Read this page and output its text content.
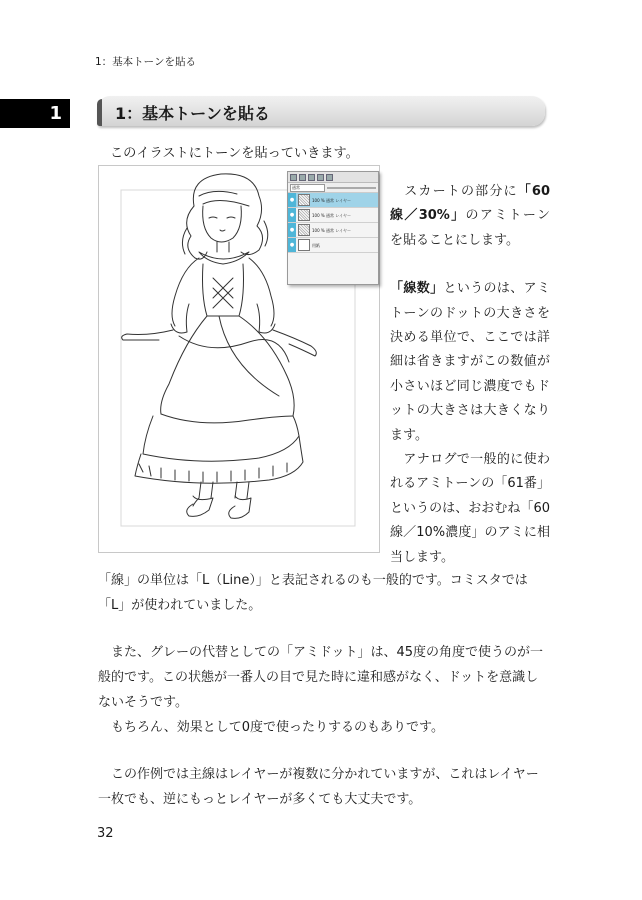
1：基本トーンを貼る
1	1：基本トーンを貼る
このイラストにトーンを貼っていきます。
通常
●	100 % 通常 レイヤー
●	100 % 通常 レイヤー
●	100 % 通常 レイヤー
●	用紙

スカートの部分に「60線／30%」のアミトーンを貼ることにします。

「線数」というのは、アミトーンのドットの大きさを決める単位で、ここでは詳細は省きますがこの数値が小さいほど同じ濃度でもドットの大きさは大きくなります。

アナログで一般的に使われるアミトーンの「61番」というのは、おおむね「60線／10%濃度」のアミに相当します。

「線」の単位は「L（Line）」と表記されるのも一般的です。コミスタでは「L」が使われていました。

また、グレーの代替としての「アミドット」は、45度の角度で使うのが一般的です。この状態が一番人の目で見た時に違和感がなく、ドットを意識しないそうです。

もちろん、効果として0度で使ったりするのもありです。

この作例では主線はレイヤーが複数に分かれていますが、これはレイヤー一枚でも、逆にもっとレイヤーが多くても大丈夫です。

32
